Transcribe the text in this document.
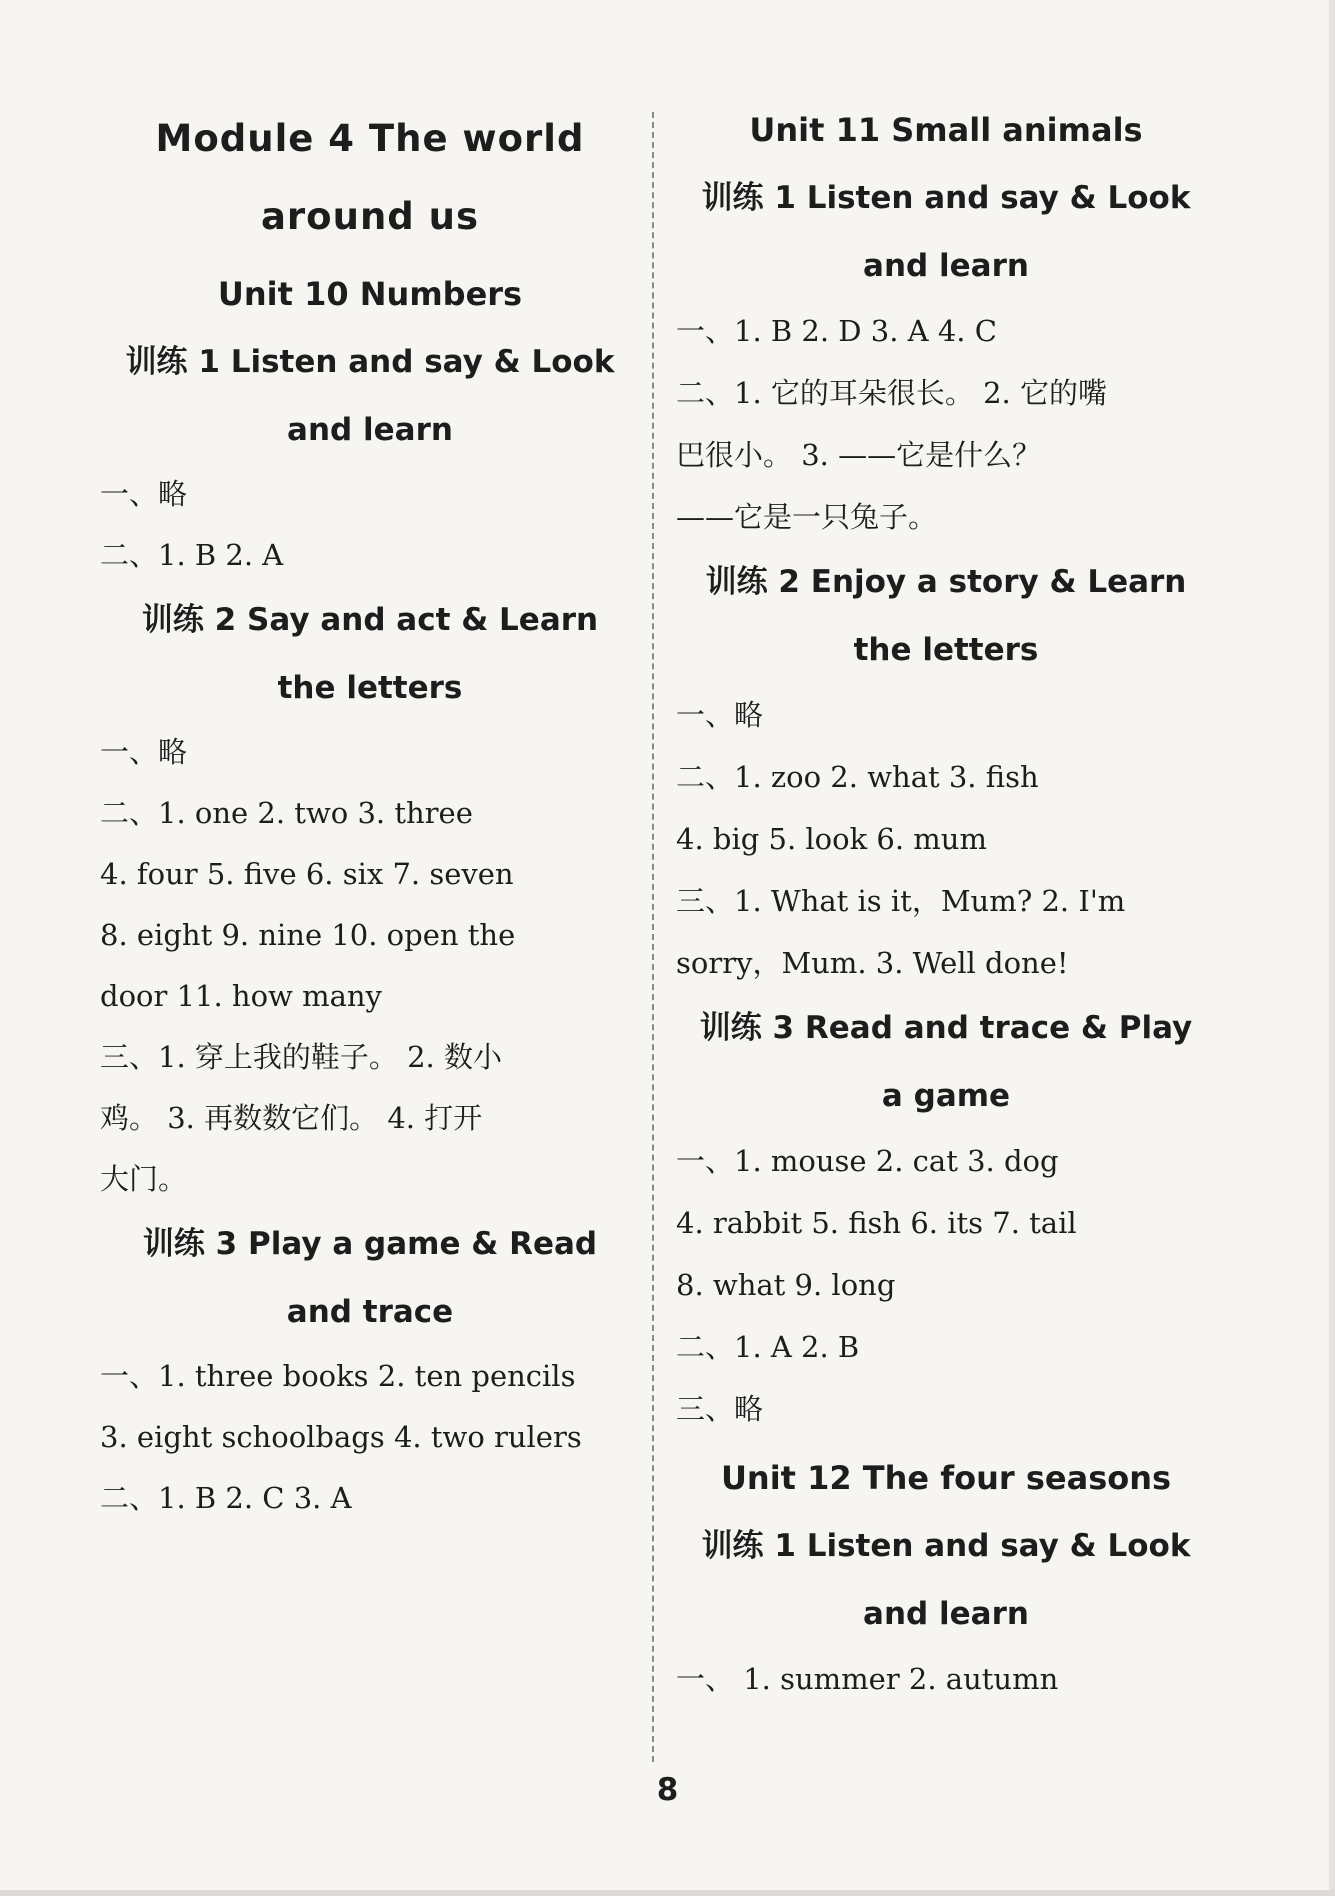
Module 4 The world

around us

Unit 10 Numbers

训练 1 Listen and say & Look

and learn

一、略

二、1. B 2. A

训练 2 Say and act & Learn

the letters

一、略

二、1. one 2. two 3. three

4. four 5. five 6. six 7. seven

8. eight 9. nine 10. open the

door 11. how many

三、1. 穿上我的鞋子。 2. 数小

鸡。 3. 再数数它们。 4. 打开

大门。

训练 3 Play a game & Read

and trace

一、1. three books 2. ten pencils

3. eight schoolbags 4. two rulers

二、1. B 2. C 3. A

Unit 11 Small animals

训练 1 Listen and say & Look

and learn

一、1. B 2. D 3. A 4. C

二、1. 它的耳朵很长。 2. 它的嘴

巴很小。 3. ——它是什么？

——它是一只兔子。

训练 2 Enjoy a story & Learn

the letters

一、略

二、1. zoo 2. what 3. fish

4. big 5. look 6. mum

三、1. What is it，Mum? 2. I'm

sorry，Mum. 3. Well done!

训练 3 Read and trace & Play

a game

一、1. mouse 2. cat 3. dog

4. rabbit 5. fish 6. its 7. tail

8. what 9. long

二、1. A 2. B

三、略

Unit 12 The four seasons

训练 1 Listen and say & Look

and learn

一、 1. summer 2. autumn

8
